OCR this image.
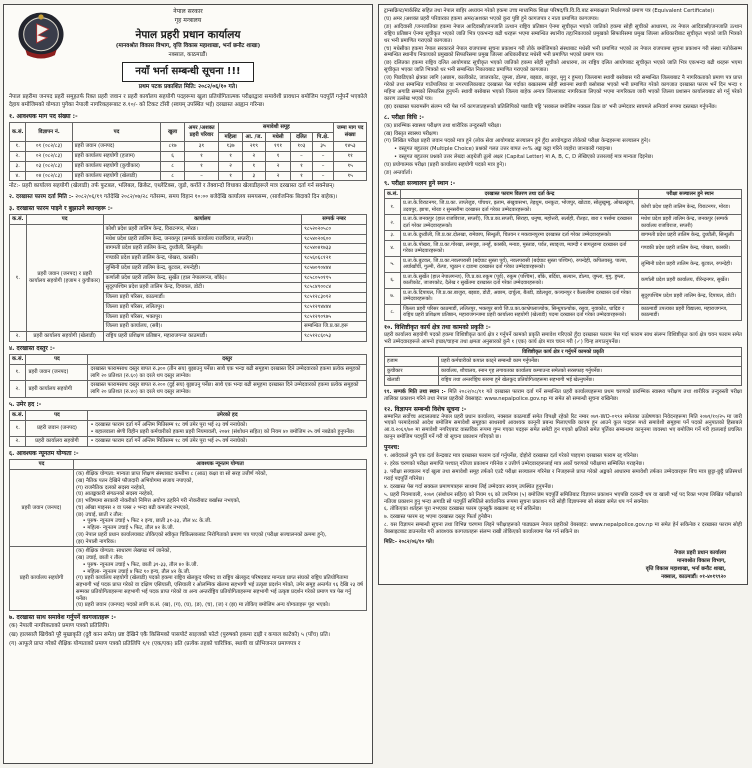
नेपाल सरकार
गृह मन्त्रालय
नेपाल प्रहरी प्रधान कार्यालय
(मानवश्रोत विकास विभाग, वृत्ति विकास महाशाखा, भर्ना छनौट शाखा)
नक्साल, काठमाडौं।
नयाँ भर्ना सम्बन्धी सूचना !!!
प्रथम पटक प्रकाशित मिति: २०८२/०६/१० गते।
नेपाल प्रहरीमा जनपद प्रहरी समूहतर्फ रिक्त प्रहरी जवान र प्रहरी कार्यालय सहयोगी पदहरूमा खुला प्रतियोगितात्मक परीक्षाद्वारा समावेशी प्रावधान बमोजिम पदपूर्ति गर्नुपर्ने भएकोले देहाय बमोजिमको योग्यता पुगेका नेपाली नागरिकहरूबाट रु.१०/- को टिकट टाँसी (स्वयम् उपस्थित भई) दरखास्त आह्वान गरिन्छ।
१. आवश्यक माग पद संख्या :-
क.सं.	विज्ञापन नं.	पद	खुला	अमर /अशक्त प्रहरी परिवार	समावेशी समूह					जम्मा माग पद संख्या
					महिला	आ. /ज.	मधेसी	दलित	पि.क्षे.	
१.	०१ (०८२/८३)	प्रहरी जवान (जनपद)	८१७	३१	१३७	२१९	१११	१०३	३५	१४५३
२.	०२ (०८२/८३)	प्रहरी कार्यालय सहयोगी (हजाम)	६	१	१	२	१	–	–	११
३.	०३ (०८२/८३)	प्रहरी कार्यालय सहयोगी (कुचीकार)	८	१	२	१	२	१	–	१५
४.	०४ (०८२/८३)	प्रहरी कार्यालय सहयोगी (खेलाडी)	८	–	१	३	२	१	–	१५
नोट:- प्रहरी कार्यालय सहयोगी (खेलाडी) तर्फ फुटबल, भलिबल, क्रिकेट, एथ्लेटिक्स, जुडो, कराँते र तेक्वान्दो विधाका खेलाडीहरूले मात्र दरखास्त दर्ता गर्न सक्नेछन्।
२. दरखास्त फारम दर्ता मिति :- २०८२/०६/१९ गतेदेखि २०८२/०७/२८ गतेसम्म, समय विहान १०:०० बजेदेखि कार्यालय समयसम्म, (सार्वजनिक बिदाको दिन बाहेक)।
३. दरखास्त फारम पाइने र बुझाउने स्थानहरू :-
क.सं.	पद	कार्यालय	सम्पर्क नम्बर
१.	प्रहरी जवान (जनपद) र प्रहरी कार्यालय सहयोगी (हजाम र कुचीकार)	कोशी प्रदेश प्रहरी तालिम केन्द्र, विराटनगर, मोरङ।	९८५२०२०५८०
		मधेश प्रदेश प्रहरी तालिम केन्द्र, जनकपुर (सम्पर्क कार्यालय राजविराज, सप्तरी)।	९८५४०२०६००
		बागमती प्रदेश प्रहरी तालिम केन्द्र, दुध्यौली, सिन्धुली।	९८५४०४१७३३
		गण्डकी प्रदेश प्रहरी तालिम केन्द्र, पोखरा, कास्की।	९८५६०६८१२१
		लुम्बिनी प्रदेश प्रहरी तालिम केन्द्र, बुटवल, रुपन्देही।	९८५७०९०४४४
		कर्णाली प्रदेश प्रहरी तालिम केन्द्र, सुर्खेत (हाल नेपालगन्ज, बाँके)।	९८५८०५०११५
		सुदूरपश्चिम प्रदेश प्रहरी तालिम केन्द्र, दिपायल, डोटी।	९८५८४९००८४
		जिल्ला प्रहरी परिसर, काठमाडौं।	९८५१२८३०१२
		जिल्ला प्रहरी परिसर, ललितपुर।	९८५१२९४४४४
		जिल्ला प्रहरी परिसर, भक्तपुर।	९८५१२९०९७५
		जिल्ला प्रहरी कार्यालय, (सबै)।	सम्बन्धित जि.प्र.का.हरू
२.	प्रहरी कार्यालय सहयोगी (खेलाडी)	राष्ट्रिय प्रहरी प्रशिक्षण प्रतिष्ठान, महाराजगन्ज काठमाडौं।	९८५१२८६०५३
४. दरखास्त दस्तुर :-
क.सं.	पद	दस्तुर
१.	प्रहरी जवान (जनपद)	दरखास्त फारामसाथ दस्तुर बापत रु.३०० (तीन सय) बुझाउनु पर्नेछ। साथै एक भन्दा बढी समूहमा दरखास्त दिने उम्मेदवारको हकमा प्रत्येक समूहको लागि २० प्रतिशत (रु.६०) का दरले थप दस्तुर लाग्नेछ।
२.	प्रहरी कार्यालय सहयोगी	दरखास्त फारामसाथ दस्तुर बापत रु.२०० (दुई सय) बुझाउनु पर्नेछ। साथै एक भन्दा बढी समूहमा दरखास्त दिने उम्मेदवारको हकमा प्रत्येक समूहको लागि २० प्रतिशत (रु.४०) का दरले थप दस्तुर लाग्नेछ।
५. उमेर हद :-
क.सं.	पद	उमेरको हद
१.	प्रहरी जवान (जनपद)	• दरखास्त फाराम दर्ता गर्ने अन्तिम मितिसम्म १८ वर्ष उमेर पूरा भई २३ वर्ष ननाघेको।
• बहालवाला श्रेणी विहीन प्रहरी कर्मचारीको हकमा प्रहरी नियमावली, २०७१ (संशोधन सहित) को नियम ४० बमोजिम २५ वर्ष नबढेको हुनुपर्नेछ।

२.	प्रहरी कार्यालय सहयोगी	• दरखास्त फाराम दर्ता गर्ने अन्तिम मितिसम्म १८ वर्ष उमेर पूरा भई २५ वर्ष ननाघेको।
६. आवश्यक न्यूनतम योग्यता :-
पद	आवश्यक न्यूनतम योग्यता
प्रहरी जवान (जनपद)	
(क) शैक्षिक योग्यता: मान्यता प्राप्त शिक्षण संस्थाबाट कम्तीमा ८ (आठ) कक्षा वा सो सरह उत्तीर्ण गरेको,
(ख) नैतिक पतन देखिने फौजदारी अभियोगमा सजाय नपाएको,
(ग) राजनैतिक दलको सदस्य नरहेको,
(घ) आतङ्ककारी संगठनको सदस्य नरहेको,
(ङ) भविष्यमा सरकारी नोकरीको निमित्त अयोग्य ठहरिने गरी नोकरीबाट बर्खास्त नभएको,
(च) आँखा माइनस २ वा प्लस २ भन्दा बढी कमजोर नभएको,
(छ) उचाई, छाती र तौल:
• पुरुष- न्यूनतम उचाई ५ फिट २ इन्च, छाती ३१-३३, तौल ४८ के.जी.
• महिला- न्यूनतम उचाई ५ फिट, तौल ४२ के.जी.
(ज) नेपाल प्रहरी प्रधान कार्यालयबाट तोकिएको स्वीकृत चिकित्सकबाट निरोगिताको प्रमाण पत्र पाएको (परीक्षा सञ्चालनको क्रममा हुने),
(झ) नेपाली नागरिक।

प्रहरी कार्यालय सहयोगी	
(क) शैक्षिक योग्यता: साधारण लेखपढ गर्न जानेको,
(ख) उचाई, छाती र तौल:
• पुरुष- न्यूनतम उचाई ५ फिट, छाती ३१-३३, तौल ४० के.जी.
• महिला- न्यूनतम उचाई ४ फिट १० इन्च, तौल ४२ के.जी.
(ग) प्रहरी कार्यालय सहयोगी (खेलाडी) पदको हकमा राष्ट्रिय खेलकुद परिषद वा राष्ट्रिय खेलकुद परिषदबाट मान्यता प्राप्त संघको राष्ट्रिय प्रतियोगितामा सहभागी भई पदक प्राप्त गरेको वा दक्षिण एसियाली, एसियाली र ओलम्पिक खेलमा सहभागी भई उत्कृष्ट प्रदर्शन गरेको, उमेर समूह अन्तर्गत १६ देखि २३ वर्ष सम्मका प्रतियोगिताहरूमा सहभागी भई पदक प्राप्त गरेको वा अन्य अन्तर्राष्ट्रिय प्रतियोगिताहरूमा सहभागी भई उत्कृष्ट प्रदर्शन गरेको प्रमाण पत्र पेस गर्नु पर्नेछ।
(घ) प्रहरी जवान (जनपद) पदको लागि क.सं. (ख), (ग), (घ), (ङ), (च), (ज) र (झ) मा तोकिए बमोजिम अन्य योग्यताहरू पूरा भएको।
७. दरखास्त साथ समावेश गर्नुपर्ने कागजातहरू :-
(क) नेपाली नागरिकताको प्रमाण पत्रको प्रतिलिपि।
(ख) हालसालै खिचेको पूरै मुखाकृति (दुवै कान समेत) प्रष्ट देखिने एकै किसिमको पासपोर्ट साइजको फोटो (पुरुषको हकमा दाह्री र कपाल काटेको) ५ (पाँच) प्रति।
(ग) आफूले प्राप्त गरेको शैक्षिक योग्यताको प्रमाण पत्रको प्रतिलिपि १/१ (एक/एक) प्रति (प्रत्येक तहको चारित्रिक, स्थायी वा प्रोभिजनल प्रमाणपत्र र
ट्रान्सक्रिप्ट/मार्कसिट सहित तथा नेपाल बाहिर अध्ययन गरेको हकमा उच्च माध्यमिक शिक्षा परिषद/त्रि.वि.वि.बाट समकक्षता निर्धारणको प्रमाण पत्र (Equivalent Certificate)।
(घ) अमर /अशक्त प्रहरी परिवारका हकमा अमर/अशक्त भएको कुरा पुष्टि हुने कागजपत्र र नाता प्रमाणित कागजपत्र।
(ङ) आदिवासी /जनजातिका हकमा नेपाल आदिवासी/जनजाति उत्थान राष्ट्रिय प्रतिष्ठान ऐनमा सूचीकृत भएको जातिको हकमा सोही सूचीको आधारमा, तर नेपाल आदिवासी/जनजाति उत्थान राष्ट्रिय प्रतिष्ठान ऐनमा सूचीकृत भएको जाति भित्र एकभन्दा बढी थरहरू भएमा सम्बन्धित स्थानीय तह/निकायको प्रमुखको सिफारिसमा प्रमुख जिल्ला अधिकारीबाट सूचीकृत भएको जाति भित्रको थर भनी प्रमाणित गराएको कागजात।
(च) मधेसीका हकमा नेपाल सरकारले नेपाल राजपत्रमा सूचना प्रकाशन गरी तोके बमोजिमको संस्थाबाट मधेसी भनी प्रमाणित भएको तर नेपाल राजपत्रमा सूचना प्रकाशन गरी संस्था नतोकेसम्म सम्बन्धित स्थानीय निकायको प्रमुखको सिफारिसमा प्रमुख जिल्ला अधिकारीबाट मधेसी भनी प्रमाणित भएको प्रमाण पत्र।
(छ) दलितका हकमा राष्ट्रिय दलित आयोगबाट सूचीकृत भएको जातिको हकमा सोही सूचीको आधारमा, तर राष्ट्रिय दलित आयोगबाट सूचीकृत भएको जाति भित्र एकभन्दा बढी थरहरू भएमा सूचीकृत भएका जाति भित्रको थर भनी सम्बन्धित निकायबाट प्रमाणित गराएको कागजात।
(ज) पिछडिएको क्षेत्रका लागि (अछाम, कालीकोट, जाजरकोट, जुम्ला, डोल्पा, बझाङ, बाजुरा, मुगु र हुम्ला) जिल्लामा स्थायी बसोबास गरी सम्बन्धित जिल्लाबाट नै नागरिकताको प्रमाण पत्र प्राप्त गरेको तथा सम्बन्धित गाउँपालिका वा नगरपालिकाबाट दरखास्त पेस गर्दाका बखतसम्म सोही स्थानमा स्थायी बसोबास भएको भनी प्रमाणित गरेको कागजात दरखास्त फारम भर्ने दिन भन्दा १ महिना अगाडि सम्मको सिफारिस हुनुपर्ने। स्थायी बसोबास भएको जिल्ला बाहेक अन्यत्र जिल्लाबाट नागरिकता लिएको भएमा नागरिकता जारी भएको जिल्ला प्रशासन कार्यालयबाट सो गर्नु परेको कारण उल्लेख भएको पत्र।
(झ) दरखास्त फारामसँग संलग्न गरी पेस गर्ने कागजातहरूको प्रतिलिपिको पछाडि पट्टि 'सक्कल बमोजिम नक्कल ठिक छ' भनी उम्मेदवार स्वयमले अनिवार्य रूपमा दस्तखत गर्नुपर्नेछ।
८. परीक्षा विधि :-
(क) प्रारम्भिक स्वास्थ्य परीक्षण तथा शारीरिक तन्दुरुस्ती परीक्षा।
(ख) विस्तृत स्वास्थ्य परीक्षण।
(ग) लिखित परीक्षा प्रहरी जवान पदको मात्र हुने (लोक सेवा आयोगबाट सञ्चालन हुने हुँदा आयोगद्वारा तोकेको परीक्षा केन्द्रहरूमा सञ्चालन हुने)।
• वस्तुगत बहुउत्तर (Multiple Choice) प्रश्नको गलत उत्तर बापत २०% अङ्क कट्टा गरिने व्यहोरा जानकारी गराइन्छ।
• वस्तुगत बहुउत्तर प्रश्नको उत्तर लेख्दा अङ्ग्रेजी ठूलो अक्षर (Capital Letter) मा A, B, C, D लेखिएको उत्तरलाई मात्र मान्यता दिइनेछ।
(घ) प्रयोगात्मक परीक्षा (प्रहरी कार्यालय सहयोगी पदको मात्र हुने)।
(ङ) अन्तर्वार्ता।
९. परीक्षा सञ्चालन हुने स्थान :-
क.सं.	दरखास्त फाराम वितरण तथा दर्ता केन्द्र	परीक्षा सञ्चालन हुने स्थान
१.	प्र.ता.के.विराटनगर, जि.प्र.का. ताप्लेजुङ, पाँचथर, इलाम, संखुवासभा, तेह्रथुम, धनकुटा, भोजपुर, खोटाङ, सोलुखुम्बु, ओखलढुंगा, उदयपुर, झापा, मोरङ र सुनसरीमा दरखास्त दर्ता गरेका उम्मेदवारहरूको।	कोशी प्रदेश प्रहरी तालिम केन्द्र, विराटनगर, मोरङ।
२.	प्र.ता.के.जनकपुर (हाल राजविराज, सप्तरी), जि.प्र.का.सप्तरी, सिराहा, धनुषा, महोत्तरी, सर्लाही, रौतहट, बारा र पर्सामा दरखास्त दर्ता गरेका उम्मेदवारहरूको।	मधेश प्रदेश प्रहरी तालिम केन्द्र, जनकपुर (सम्पर्क कार्यालय राजविराज, सप्तरी)
३.	प्र.ता.के.दुध्यौली, जि.प्र.का.दोलखा, रामेछाप, सिन्धुली, चितवन र मकवानपुरमा दरखास्त दर्ता गरेका उम्मेदवारहरूको।	बागमती प्रदेश प्रहरी तालिम केन्द्र, दुध्यौली, सिन्धुली।
४.	प्र.ता.के.पोखरा, जि.प्र.का.गोरखा, लमजुङ, तनहुँ, कास्की, मनाङ, मुस्ताङ, पर्वत, स्याङ्जा, म्याग्दी र बागलुङमा दरखास्त दर्ता गरेका उम्मेदवारहरूको।	गण्डकी प्रदेश प्रहरी तालिम केन्द्र, पोखरा, कास्की।
५.	प्र.ता.के.बुटवल, जि.प्र.का.नवलपरासी (बर्दघाट सुस्ता पूर्व), नवलपरासी (बर्दघाट सुस्ता पश्चिम), रुपन्देही, कपिलवस्तु, पाल्पा, अर्घाखाँची, गुल्मी, रोल्पा, प्युठान र दाङमा दरखास्त दर्ता गरेका उम्मेदवारहरूको।	लुम्बिनी प्रदेश प्रहरी तालिम केन्द्र, बुटवल, रुपन्देही।
६.	प्र.ता.के.सुर्खेत (हाल नेपालगन्ज), जि.प्र.का.रुकुम (पूर्व), रुकुम (पश्चिम), बाँके, बर्दिया, सल्यान, डोल्पा, जुम्ला, मुगु, हुम्ला, कालीकोट, जाजरकोट, दैलेख र सुर्खेतमा दरखास्त दर्ता गरेका उम्मेदवारहरूको।	कर्णाली प्रदेश प्रहरी कार्यालय, वीरेन्द्रनगर, सुर्खेत।
७.	प्र.ता.के.दिपायल, जि.प्र.का.बाजुरा, बझाङ, डोटी, अछाम, दार्चुला, बैतडी, डडेलधुरा, कञ्चनपुर र कैलालीमा दरखास्त दर्ता गरेका उम्मेदवारहरूको।	सुदूरपश्चिम प्रदेश प्रहरी तालिम केन्द्र, दिपायल, डोटी।
८.	जिल्ला प्रहरी परिसर काठमाडौं, ललितपुर, भक्तपुर साथै जि.प्र.का.काभ्रेपलाञ्चोक, सिन्धुपाल्चोक, रसुवा, नुवाकोट, धादिङ र राष्ट्रिय प्रहरी प्रशिक्षण प्रतिष्ठान, महाराजगन्जमा प्रहरी कार्यालय सहयोगी (खेलाडी) पदमा दरखास्त दर्ता गरेका उम्मेदवारहरूको।	काठमाडौं उपत्यका प्रहरी विद्यालय, महाराजगन्ज, काठमाडौं।
१०. विशिष्टीकृत कार्य क्षेत्र तथा कामको प्रकृति :-
प्रहरी कार्यालय सहयोगी पदको हकमा विशिष्टीकृत कार्य क्षेत्र र गर्नुपर्ने कामको प्रकृति समावेश गरिएको हुँदा दरखास्त फाराम पेस गर्दा फाराम साथ संलग्न विशिष्टीकृत कार्य क्षेत्र चयन फाराम समेत भरी उम्मेदवारहरूले आफ्नो इच्छा/चाहना तथा क्षमता अनुसारको कुनै १ (एक) कार्य क्षेत्र मात्र चयन गरी (✓) चिन्ह लगाउनुपर्नेछ।
विशिष्टीकृत कार्य क्षेत्र र गर्नुपर्ने कामको प्रकृति	
हजाम	प्रहरी कर्मचारीको कपाल काट्ने सम्बन्धी काम गर्नुपर्नेछ।
कुचीकार	कार्यालय, शौचालय, स्नान गृह लगायतका कार्यालय कम्पाउन्ड समेतको सरसफाइ गर्नुपर्नेछ।
खेलाडी	राष्ट्रिय तथा अन्तर्राष्ट्रिय स्तरमा हुने खेलकुद प्रतियोगिताहरूमा सहभागी भई खेल्नुपर्नेछ।
११. सम्पर्क मिति तथा स्थान :- मिति २०८२/०८/११ गते दरखास्त फाराम दर्ता गर्ने सम्बन्धित प्रहरी कार्यालयहरूमा प्रथम चरणको प्रारम्भिक स्वास्थ्य परीक्षण तथा शारीरिक तन्दुरुस्ती परीक्षा तालिका प्रकाशन गरिने तथा नेपाल प्रहरीको वेबसाइट: www.nepalpolice.gov.np मा समेत सो सम्बन्धी सूचना राखिनेछ।
१२. विज्ञापन सम्बन्धी विशेष सूचना :-
सम्मानित सर्वोच्च अदालतबाट नेपाल प्रहरी प्रधान कार्यालय, नक्साल काठमाडौं समेत विपक्षी रहेको रिट नम्बर ०७९-WO-०९९२ समेतका उत्प्रेषणका निवेदनहरूमा मिति २०७९/१०/२५ मा जारी भएको परमादेशको आदेश बमोजिम समावेशी समूहका साथसाथै आवश्यक कानूनी प्रबन्ध मिलाएपछि कायम हुन आउने कुल पदहरू मध्ये समावेशी समूहमा पर्ने पदको अनुपातको हिसाबले आ.व.२०६९/७० मा समावेशी नगरिएबाट वास्तविक रूपमा गुम्न गएका पदहरू समेत समेटी हुन गएको क्षतिको समेत पूर्तिका सम्बन्धमा कानूनमा व्यवस्था भए बमोजिम गर्ने गरी हाललाई प्रचलित कानून बमोजिम पदपूर्ति गर्ने गरी यो सूचना प्रकाशन गरिएको छ।
पुनश्च:
१. आवेदकले कुनै एक दर्ता केन्द्रबाट मात्र दरखास्त फाराम दर्ता गर्नुपर्नेछ, दोहोरो दरखास्त दर्ता गरेको पाइएमा दरखास्त फाराम रद्द गरिनेछ।
२. हरेक चरणको परीक्षा समाप्ति पश्चात् नतिजा प्रकाशन गरिनेछ र उत्तीर्ण उम्मेदवारहरूलाई मात्र अर्को चरणको परीक्षामा सम्मिलित गराइनेछ।
३. परीक्षा सञ्चालन गर्दा खुला तथा समावेशी समूह तर्फको एउटै परीक्षा सञ्चालन गरिनेछ र निजहरूले प्राप्त गरेको अङ्कको आधारमा समावेशी तर्फका उम्मेदवारहरू बिच मात्र छुट्टा-छुट्टै प्रतिस्पर्धा गराई पदपूर्ति गरिनेछ।
४. दरखास्त पेस गर्दा सक्कल प्रमाणपत्रहरू साथमा लिई उम्मेदवार स्वयम् उपस्थित हुनुपर्नेछ।
५. प्रहरी नियमावली, २०७१ (संशोधन सहित) को नियम १६ को उपनियम (५) बमोजिम पदपूर्ति समितिबाट विज्ञापन प्रकाशन भएपछि दरबन्दी थप वा खाली भई पद रिक्त भएमा लिखित परीक्षाको नतिजा प्रकाशन हुनु भन्दा अगाडि सो पदपूर्ति समितिले सार्वजनिक रूपमा सूचना प्रकाशन गरी सोही विज्ञापनमा सो संख्या समेत थप गर्न सक्नेछ।
६. तोकिएका शर्तहरू पूरा नभएका दरखास्त फारम जुनसुकै बखतमा रद्द गर्न सकिनेछ।
७. दरखास्त फारम रद्द भएमा दरखास्त दस्तुर फिर्ता हुनेछैन।
८. यस विज्ञापन सम्बन्धी सूचना तथा विभिन्न चरणमा लिइने परीक्षाहरूको पाठ्यक्रम नेपाल प्रहरीको वेबसाइट: www.nepalpolice.gov.np मा समेत हेर्न सकिनेछ र दरखास्त फाराम सोही वेबसाइटबाट डाउनलोड गरी आवश्यक कागजातहरू संलग्न राखी तोकिएको कार्यालयमा पेस गर्न सकिने छ।
मिति:- २०८२/०६/१० गते।
नेपाल प्रहरी प्रधान कार्यालय
मानवश्रोत विकास विभाग,
वृत्ति विकास महाशाखा, भर्ना छनौट शाखा,
नक्साल, काठमाडौं। ०१-४०१९९२०
